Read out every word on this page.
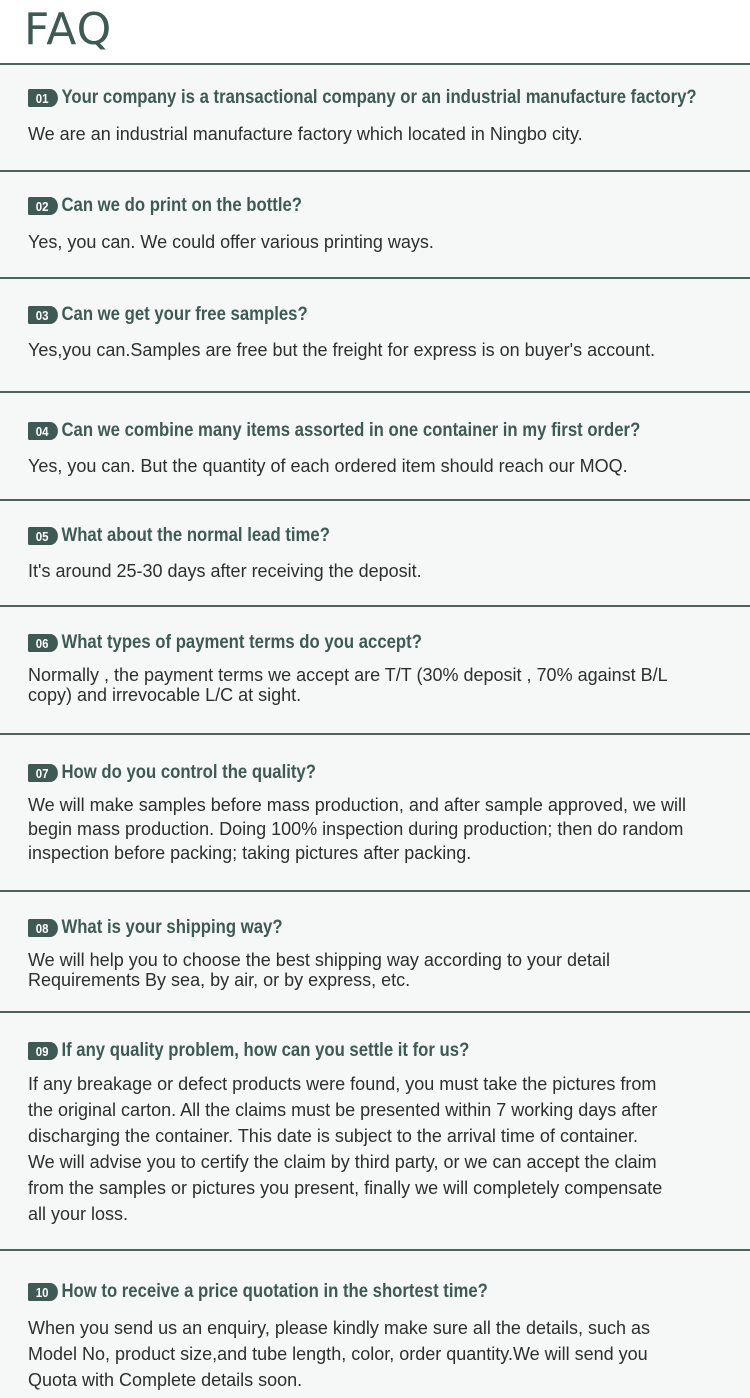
FAQ
01 Your company is a transactional company or an industrial manufacture factory?
We are an industrial manufacture factory which located in Ningbo city.
02 Can we do print on the bottle?
Yes, you can. We could offer various printing ways.
03 Can we get your free samples?
Yes,you can.Samples are free but the freight for express is on buyer's account.
04 Can we combine many items assorted in one container in my first order?
Yes, you can. But the quantity of each ordered item should reach our MOQ.
05 What about the normal lead time?
It's around 25-30 days after receiving the deposit.
06 What types of payment terms do you accept?
Normally , the payment terms we accept are T/T (30% deposit , 70% against B/L
copy) and irrevocable L/C at sight.
07 How do you control the quality?
We will make samples before mass production, and after sample approved, we will
begin mass production. Doing 100% inspection during production; then do random
inspection before packing; taking pictures after packing.
08 What is your shipping way?
We will help you to choose the best shipping way according to your detail
Requirements By sea, by air, or by express, etc.
09 If any quality problem, how can you settle it for us?
If any breakage or defect products were found, you must take the pictures from
the original carton. All the claims must be presented within 7 working days after
discharging the container. This date is subject to the arrival time of container.
We will advise you to certify the claim by third party, or we can accept the claim
from the samples or pictures you present, finally we will completely compensate
all your loss.
10 How to receive a price quotation in the shortest time?
When you send us an enquiry, please kindly make sure all the details, such as
Model No, product size,and tube length, color, order quantity.We will send you
Quota with Complete details soon.
